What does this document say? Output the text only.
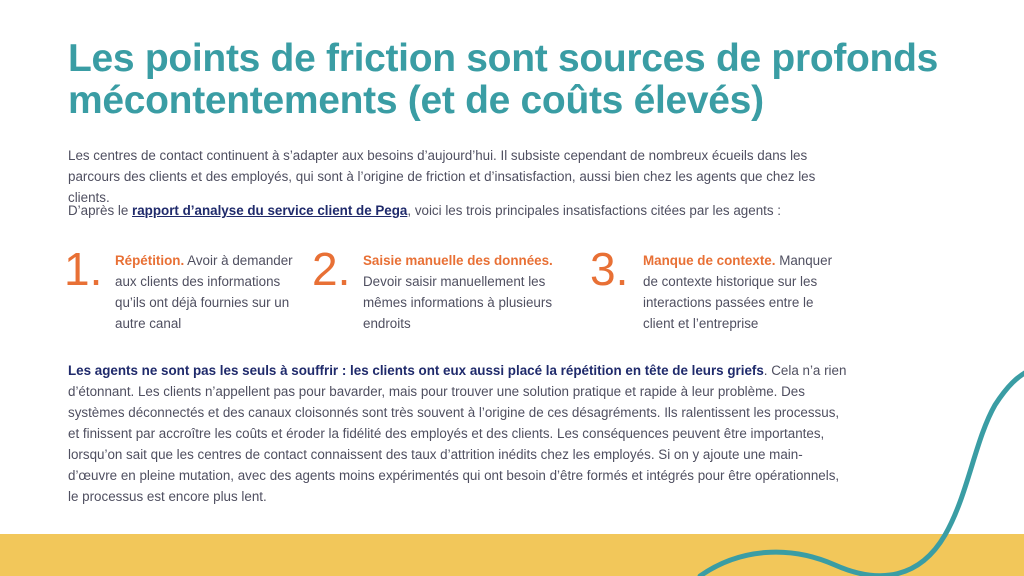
Les points de friction sont sources de profonds mécontentements (et de coûts élevés)

Les centres de contact continuent à s’adapter aux besoins d’aujourd’hui. Il subsiste cependant de nombreux écueils dans les parcours des clients et des employés, qui sont à l’origine de friction et d’insatisfaction, aussi bien chez les agents que chez les clients.

D’après le rapport d’analyse du service client de Pega, voici les trois principales insatisfactions citées par les agents :

1. Répétition. Avoir à demander aux clients des informations qu’ils ont déjà fournies sur un autre canal

2. Saisie manuelle des données. Devoir saisir manuellement les mêmes informations à plusieurs endroits

3. Manque de contexte. Manquer de contexte historique sur les interactions passées entre le client et l’entreprise

Les agents ne sont pas les seuls à souffrir : les clients ont eux aussi placé la répétition en tête de leurs griefs. Cela n’a rien d’étonnant. Les clients n’appellent pas pour bavarder, mais pour trouver une solution pratique et rapide à leur problème. Des systèmes déconnectés et des canaux cloisonnés sont très souvent à l’origine de ces désagréments. Ils ralentissent les processus, et finissent par accroître les coûts et éroder la fidélité des employés et des clients. Les conséquences peuvent être importantes, lorsqu’on sait que les centres de contact connaissent des taux d’attrition inédits chez les employés. Si on y ajoute une main-d’œuvre en pleine mutation, avec des agents moins expérimentés qui ont besoin d’être formés et intégrés pour être opérationnels, le processus est encore plus lent.
